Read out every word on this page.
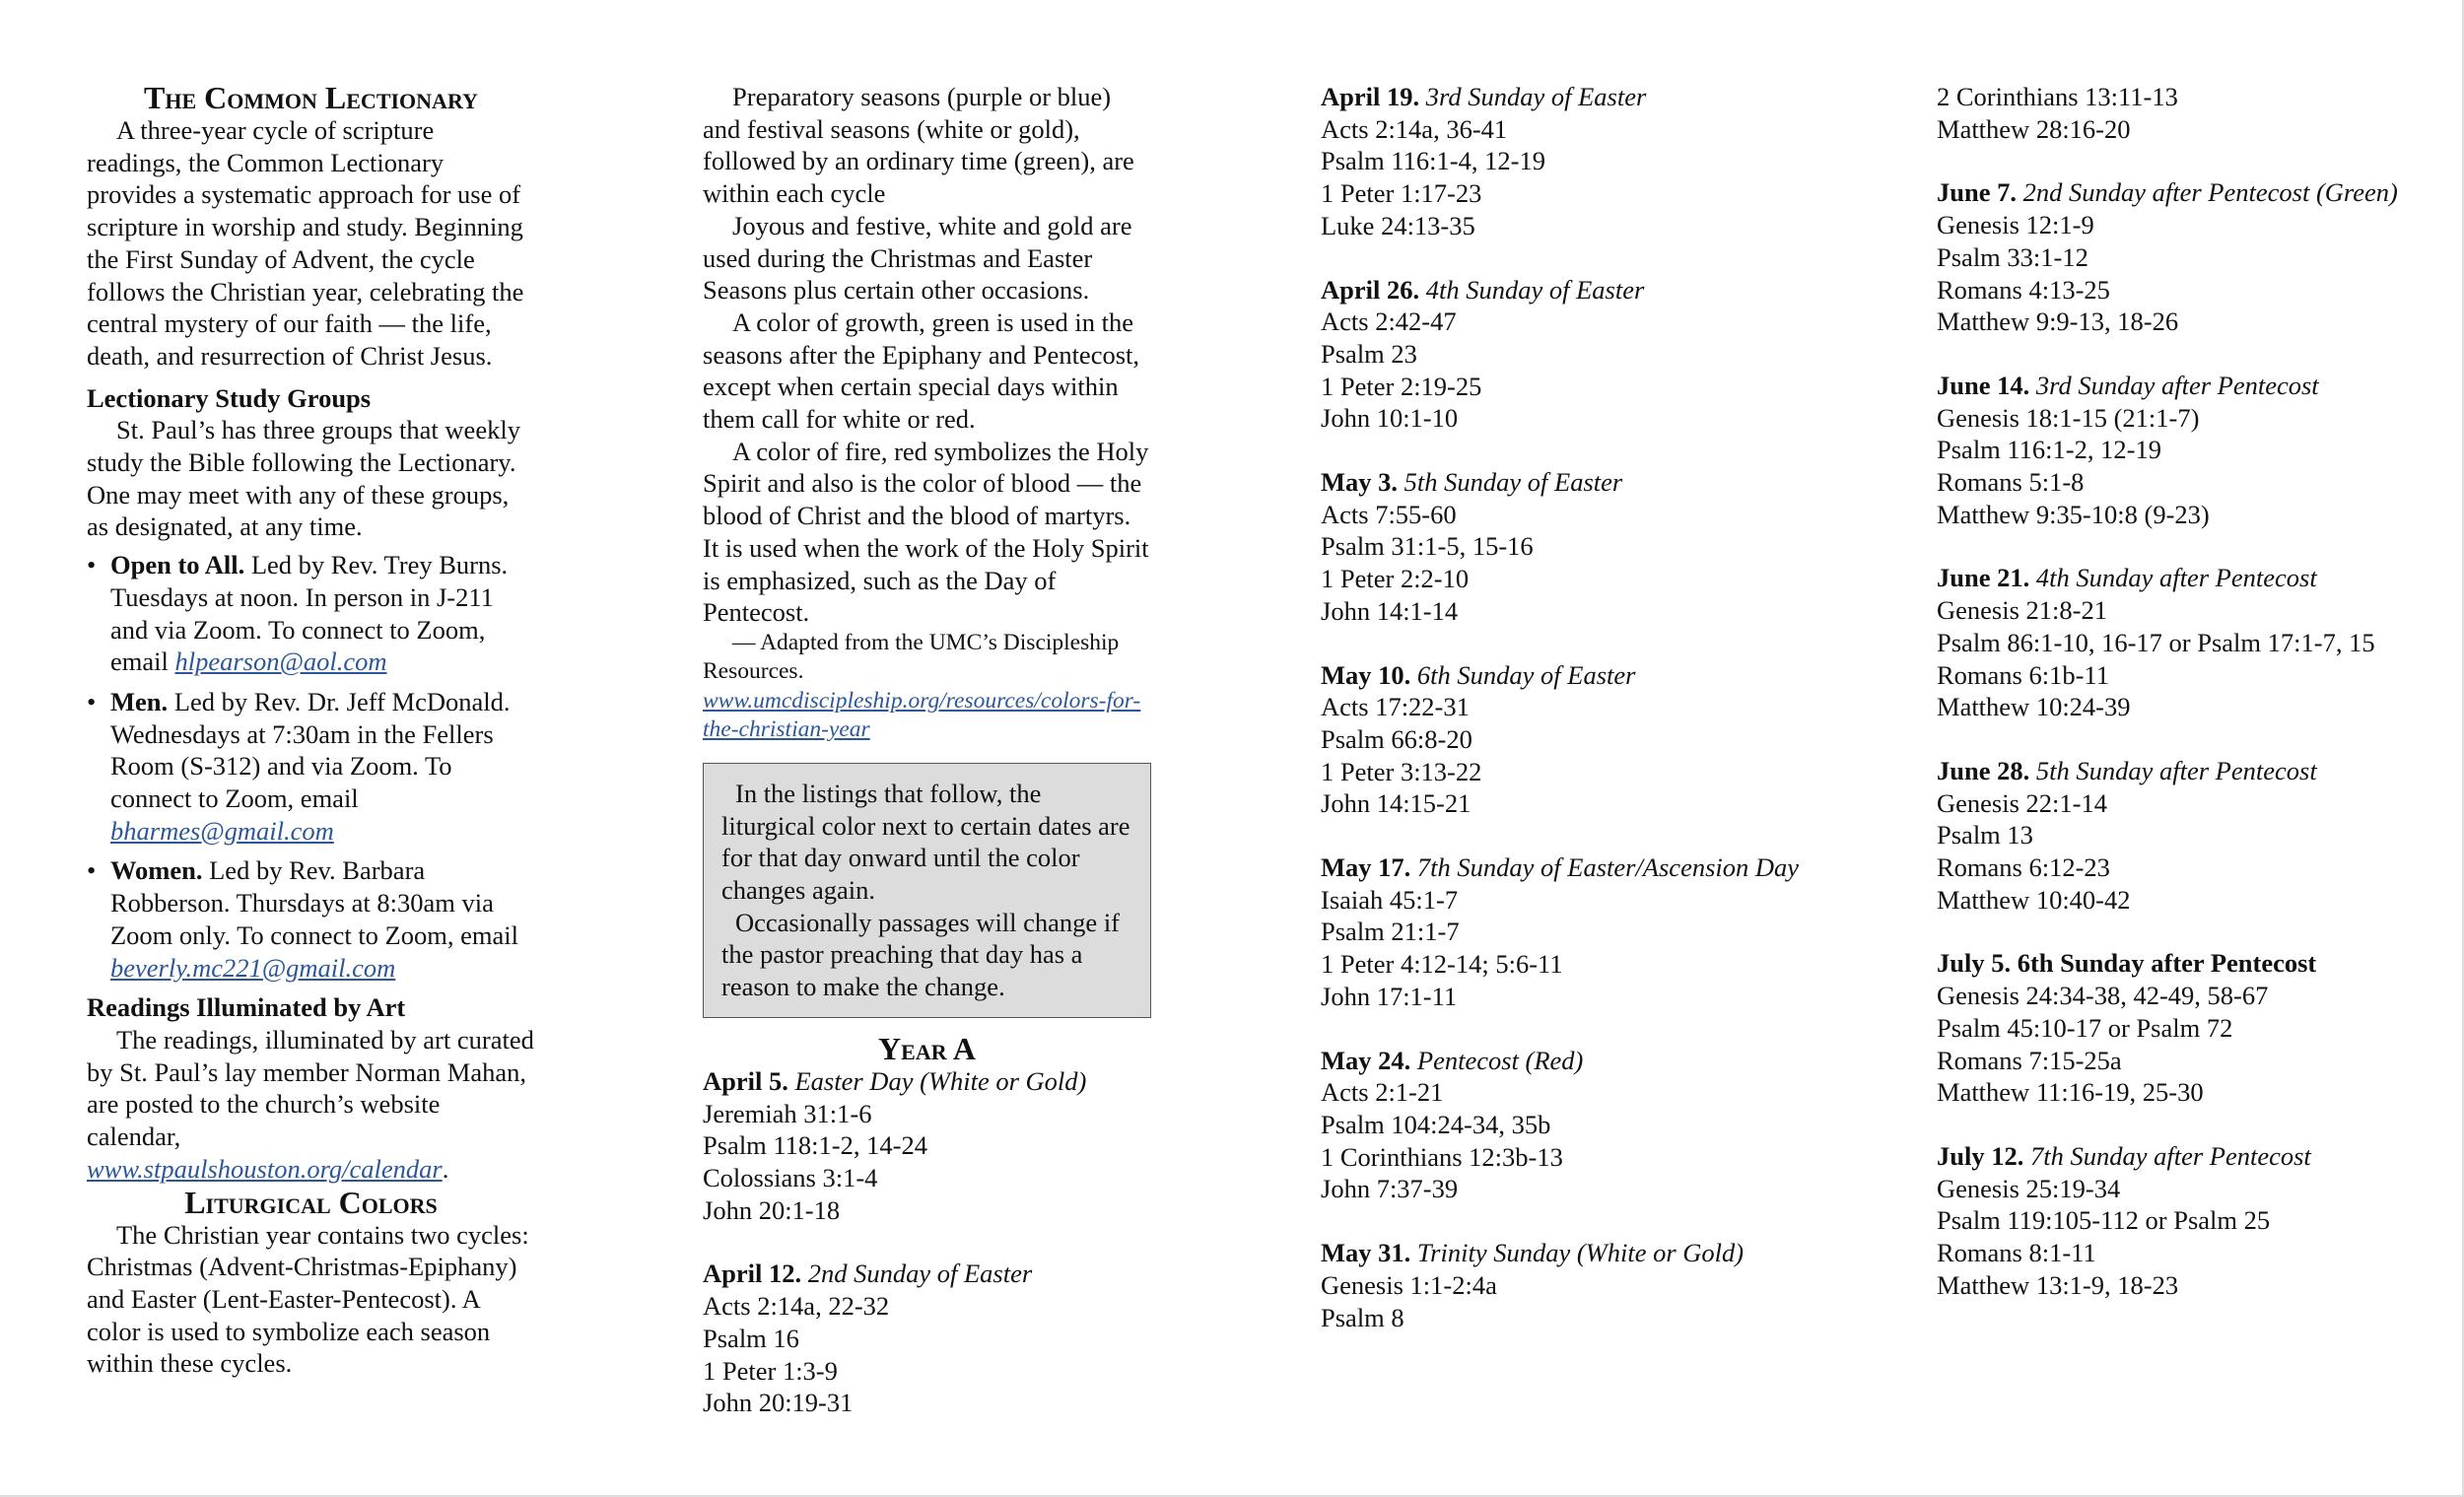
The Common Lectionary

A three-year cycle of scripture readings, the Common Lectionary provides a systematic approach for use of scripture in worship and study. Beginning the First Sunday of Advent, the cycle follows the Christian year, celebrating the central mystery of our faith — the life, death, and resurrection of Christ Jesus.

Lectionary Study Groups

St. Paul’s has three groups that weekly study the Bible following the Lectionary. One may meet with any of these groups, as designated, at any time.

• Open to All. Led by Rev. Trey Burns. Tuesdays at noon. In person in J-211 and via Zoom. To connect to Zoom, email hlpearson@aol.com
• Men. Led by Rev. Dr. Jeff McDonald. Wednesdays at 7:30am in the Fellers Room (S-312) and via Zoom. To connect to Zoom, email bharmes@gmail.com
• Women. Led by Rev. Barbara Robberson. Thursdays at 8:30am via Zoom only. To connect to Zoom, email beverly.mc221@gmail.com

Readings Illuminated by Art

The readings, illuminated by art curated by St. Paul’s lay member Norman Mahan, are posted to the church’s website calendar, www.stpaulshouston.org/calendar.

Liturgical Colors

The Christian year contains two cycles: Christmas (Advent-Christmas-Epiphany) and Easter (Lent-Easter-Pentecost). A color is used to symbolize each season within these cycles.

Preparatory seasons (purple or blue) and festival seasons (white or gold), followed by an ordinary time (green), are within each cycle

Joyous and festive, white and gold are used during the Christmas and Easter Seasons plus certain other occasions.

A color of growth, green is used in the seasons after the Epiphany and Pentecost, except when certain special days within them call for white or red.

A color of fire, red symbolizes the Holy Spirit and also is the color of blood — the blood of Christ and the blood of martyrs. It is used when the work of the Holy Spirit is emphasized, such as the Day of Pentecost.

— Adapted from the UMC’s Discipleship Resources. www.umcdiscipleship.org/resources/colors-for-the-christian-year

In the listings that follow, the liturgical color next to certain dates are for that day onward until the color changes again.

Occasionally passages will change if the pastor preaching that day has a reason to make the change.

Year A

April 5. Easter Day (White or Gold)

Jeremiah 31:1-6

Psalm 118:1-2, 14-24

Colossians 3:1-4

John 20:1-18

April 12. 2nd Sunday of Easter

Acts 2:14a, 22-32

Psalm 16

1 Peter 1:3-9

John 20:19-31

April 19. 3rd Sunday of Easter

Acts 2:14a, 36-41

Psalm 116:1-4, 12-19

1 Peter 1:17-23

Luke 24:13-35

April 26. 4th Sunday of Easter

Acts 2:42-47

Psalm 23

1 Peter 2:19-25

John 10:1-10

May 3. 5th Sunday of Easter

Acts 7:55-60

Psalm 31:1-5, 15-16

1 Peter 2:2-10

John 14:1-14

May 10. 6th Sunday of Easter

Acts 17:22-31

Psalm 66:8-20

1 Peter 3:13-22

John 14:15-21

May 17. 7th Sunday of Easter/Ascension Day

Isaiah 45:1-7

Psalm 21:1-7

1 Peter 4:12-14; 5:6-11

John 17:1-11

May 24. Pentecost (Red)

Acts 2:1-21

Psalm 104:24-34, 35b

1 Corinthians 12:3b-13

John 7:37-39

May 31. Trinity Sunday (White or Gold)

Genesis 1:1-2:4a

Psalm 8

2 Corinthians 13:11-13

Matthew 28:16-20

June 7. 2nd Sunday after Pentecost (Green)

Genesis 12:1-9

Psalm 33:1-12

Romans 4:13-25

Matthew 9:9-13, 18-26

June 14. 3rd Sunday after Pentecost

Genesis 18:1-15 (21:1-7)

Psalm 116:1-2, 12-19

Romans 5:1-8

Matthew 9:35-10:8 (9-23)

June 21. 4th Sunday after Pentecost

Genesis 21:8-21

Psalm 86:1-10, 16-17 or Psalm 17:1-7, 15

Romans 6:1b-11

Matthew 10:24-39

June 28. 5th Sunday after Pentecost

Genesis 22:1-14

Psalm 13

Romans 6:12-23

Matthew 10:40-42

July 5. 6th Sunday after Pentecost

Genesis 24:34-38, 42-49, 58-67

Psalm 45:10-17 or Psalm 72

Romans 7:15-25a

Matthew 11:16-19, 25-30

July 12. 7th Sunday after Pentecost

Genesis 25:19-34

Psalm 119:105-112 or Psalm 25

Romans 8:1-11

Matthew 13:1-9, 18-23
